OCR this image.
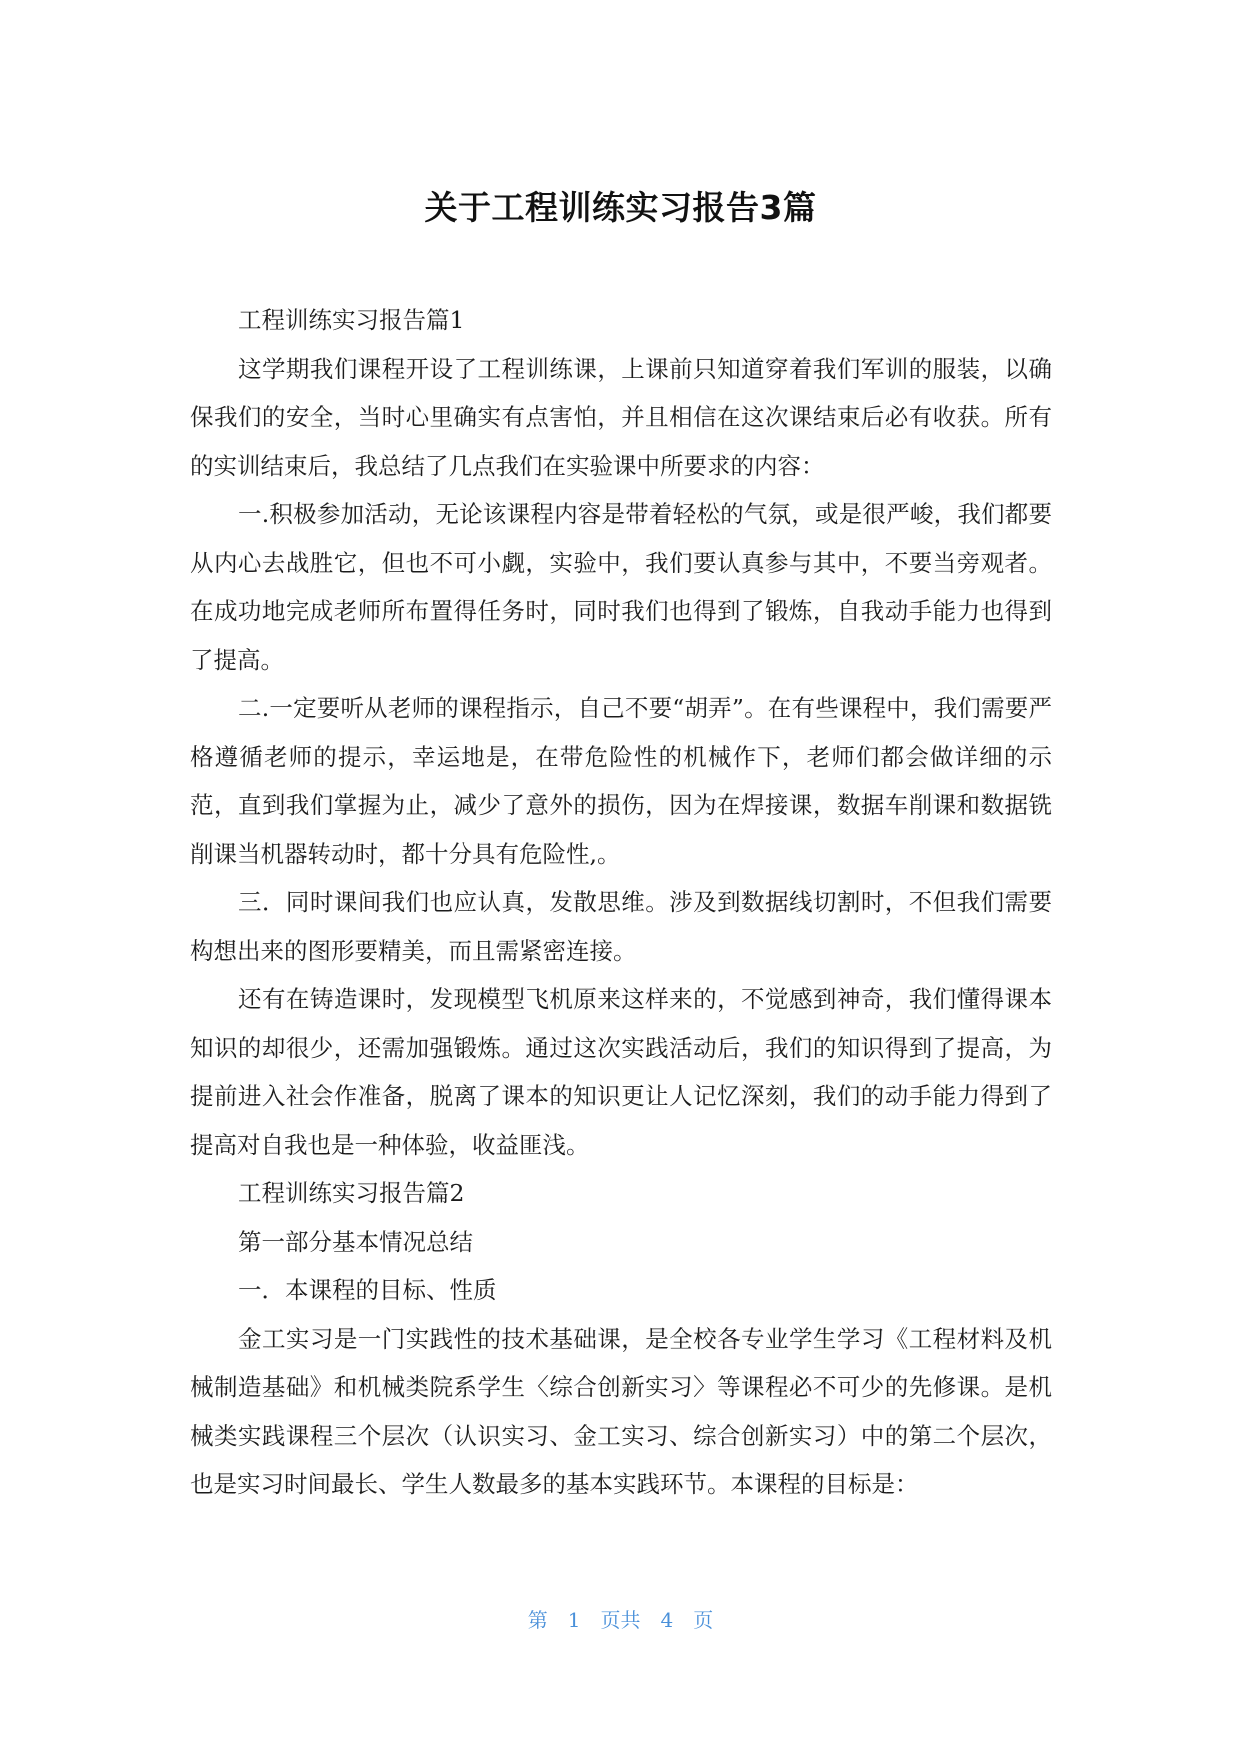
关于工程训练实习报告3篇

工程训练实习报告篇1

这学期我们课程开设了工程训练课，上课前只知道穿着我们军训的服装，以确保我们的安全，当时心里确实有点害怕，并且相信在这次课结束后必有收获。所有的实训结束后，我总结了几点我们在实验课中所要求的内容：

一.积极参加活动，无论该课程内容是带着轻松的气氛，或是很严峻，我们都要从内心去战胜它，但也不可小觑，实验中，我们要认真参与其中，不要当旁观者。在成功地完成老师所布置得任务时，同时我们也得到了锻炼，自我动手能力也得到了提高。

二.一定要听从老师的课程指示，自己不要“胡弄”。在有些课程中，我们需要严格遵循老师的提示，幸运地是，在带危险性的机械作下，老师们都会做详细的示范，直到我们掌握为止，减少了意外的损伤，因为在焊接课，数据车削课和数据铣削课当机器转动时，都十分具有危险性,。

三．同时课间我们也应认真，发散思维。涉及到数据线切割时，不但我们需要构想出来的图形要精美，而且需紧密连接。

还有在铸造课时，发现模型飞机原来这样来的，不觉感到神奇，我们懂得课本知识的却很少，还需加强锻炼。通过这次实践活动后，我们的知识得到了提高，为提前进入社会作准备，脱离了课本的知识更让人记忆深刻，我们的动手能力得到了提高对自我也是一种体验，收益匪浅。

工程训练实习报告篇2

第一部分基本情况总结

一．本课程的目标、性质

金工实习是一门实践性的技术基础课，是全校各专业学生学习《工程材料及机械制造基础》和机械类院系学生〈综合创新实习〉等课程必不可少的先修课。是机械类实践课程三个层次（认识实习、金工实习、综合创新实习）中的第二个层次，也是实习时间最长、学生人数最多的基本实践环节。本课程的目标是：

第 1 页共 4 页
